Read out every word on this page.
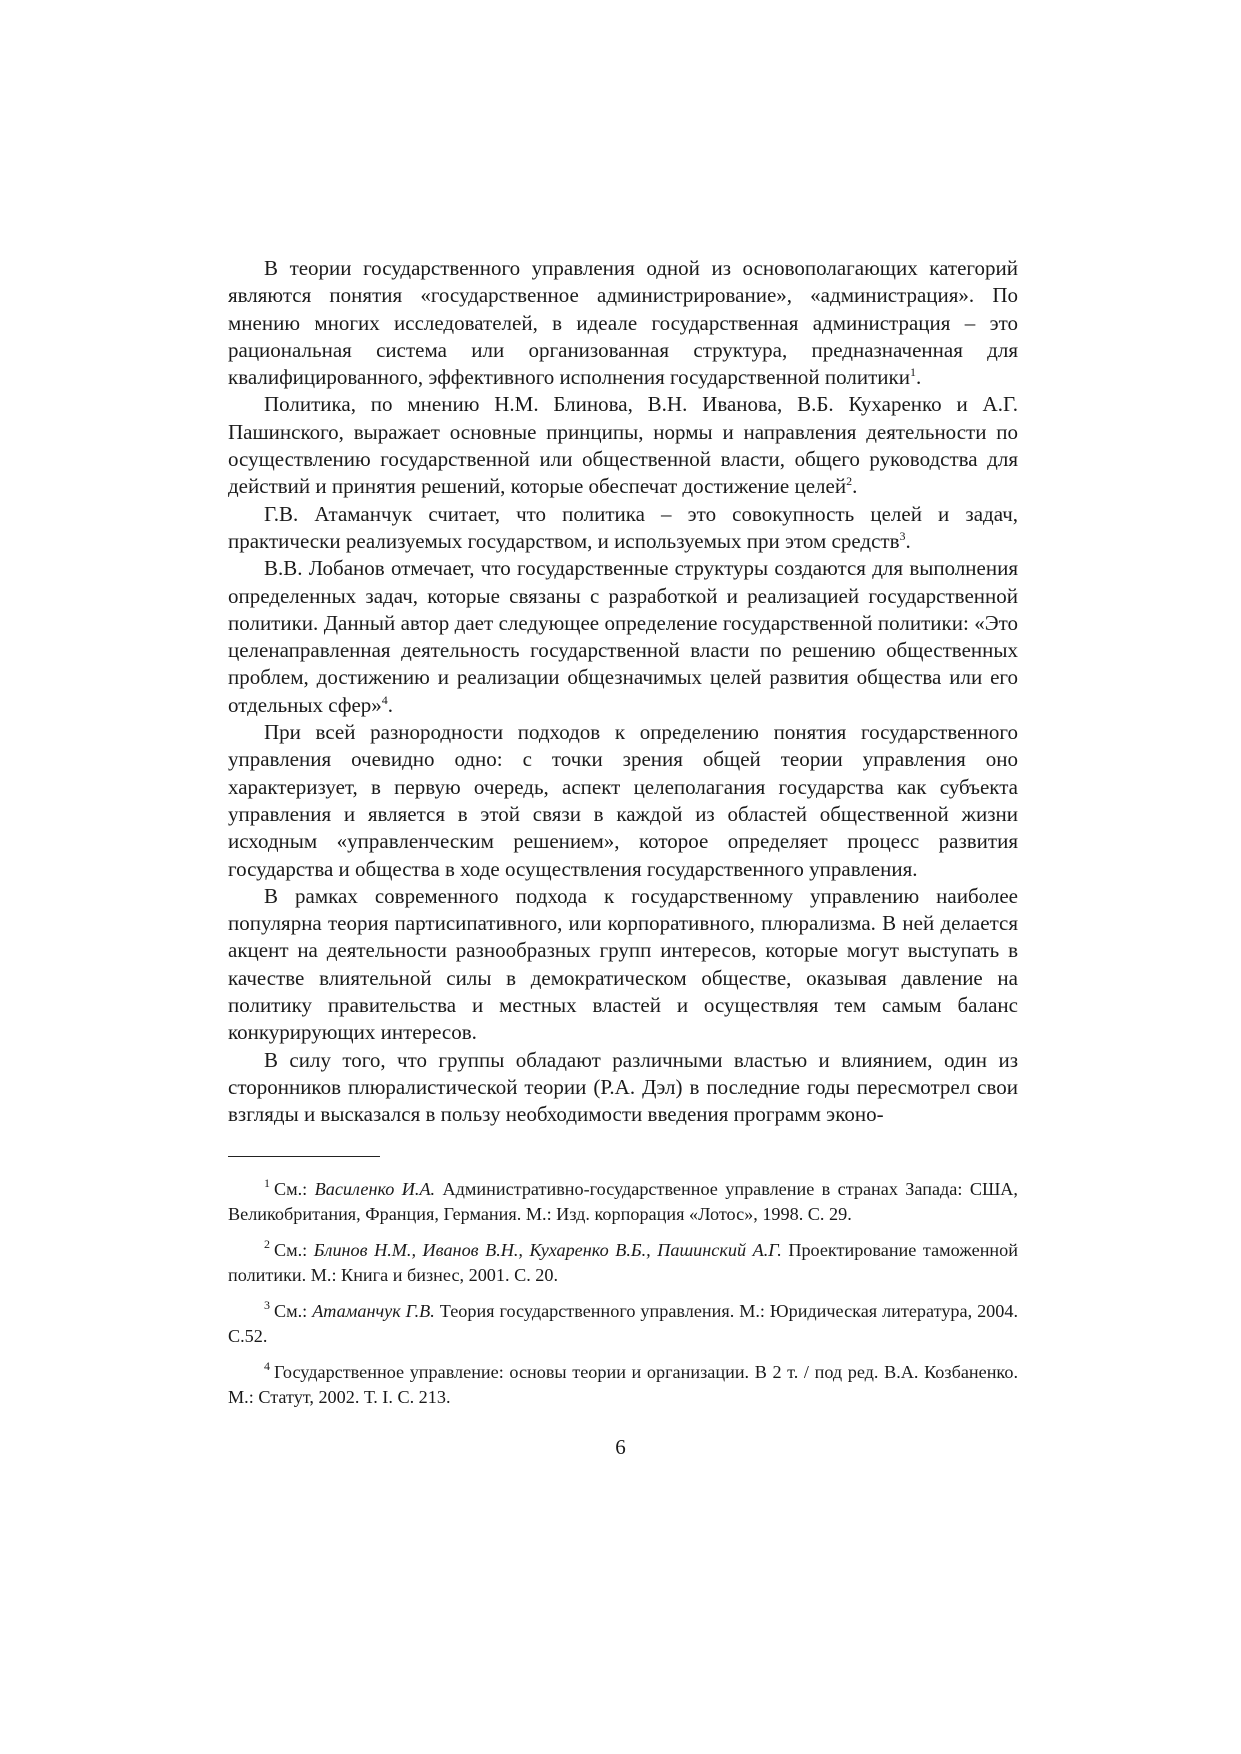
В теории государственного управления одной из основополагающих категорий являются понятия «государственное администрирование», «администрация». По мнению многих исследователей, в идеале государственная администрация – это рациональная система или организованная структура, предназначенная для квалифицированного, эффективного исполнения государственной политики$^1$.

Политика, по мнению Н.М. Блинова, В.Н. Иванова, В.Б. Кухаренко и А.Г. Пашинского, выражает основные принципы, нормы и направления деятельности по осуществлению государственной или общественной власти, общего руководства для действий и принятия решений, которые обеспечат достижение целей$^2$.

Г.В. Атаманчук считает, что политика – это совокупность целей и задач, практически реализуемых государством, и используемых при этом средств$^3$.

В.В. Лобанов отмечает, что государственные структуры создаются для выполнения определенных задач, которые связаны с разработкой и реализацией государственной политики. Данный автор дает следующее определение государственной политики: «Это целенаправленная деятельность государственной власти по решению общественных проблем, достижению и реализации общезначимых целей развития общества или его отдельных сфер»$^4$.

При всей разнородности подходов к определению понятия государственного управления очевидно одно: с точки зрения общей теории управления оно характеризует, в первую очередь, аспект целеполагания государства как субъекта управления и является в этой связи в каждой из областей общественной жизни исходным «управленческим решением», которое определяет процесс развития государства и общества в ходе осуществления государственного управления.

В рамках современного подхода к государственному управлению наиболее популярна теория партисипативного, или корпоративного, плюрализма. В ней делается акцент на деятельности разнообразных групп интересов, которые могут выступать в качестве влиятельной силы в демократическом обществе, оказывая давление на политику правительства и местных властей и осуществляя тем самым баланс конкурирующих интересов.

В силу того, что группы обладают различными властью и влиянием, один из сторонников плюралистической теории (Р.А. Дэл) в последние годы пересмотрел свои взгляды и высказался в пользу необходимости введения программ эконо-

$^1$ См.: Василенко И.А. Административно-государственное управление в странах Запада: США, Великобритания, Франция, Германия. М.: Изд. корпорация «Лотос», 1998. С. 29.

$^2$ См.: Блинов Н.М., Иванов В.Н., Кухаренко В.Б., Пашинский А.Г. Проектирование таможенной политики. М.: Книга и бизнес, 2001. С. 20.

$^3$ См.: Атаманчук Г.В. Теория государственного управления. М.: Юридическая литература, 2004. С.52.

$^4$ Государственное управление: основы теории и организации. В 2 т. / под ред. В.А. Козбаненко. М.: Статут, 2002. Т. I. С. 213.

6
